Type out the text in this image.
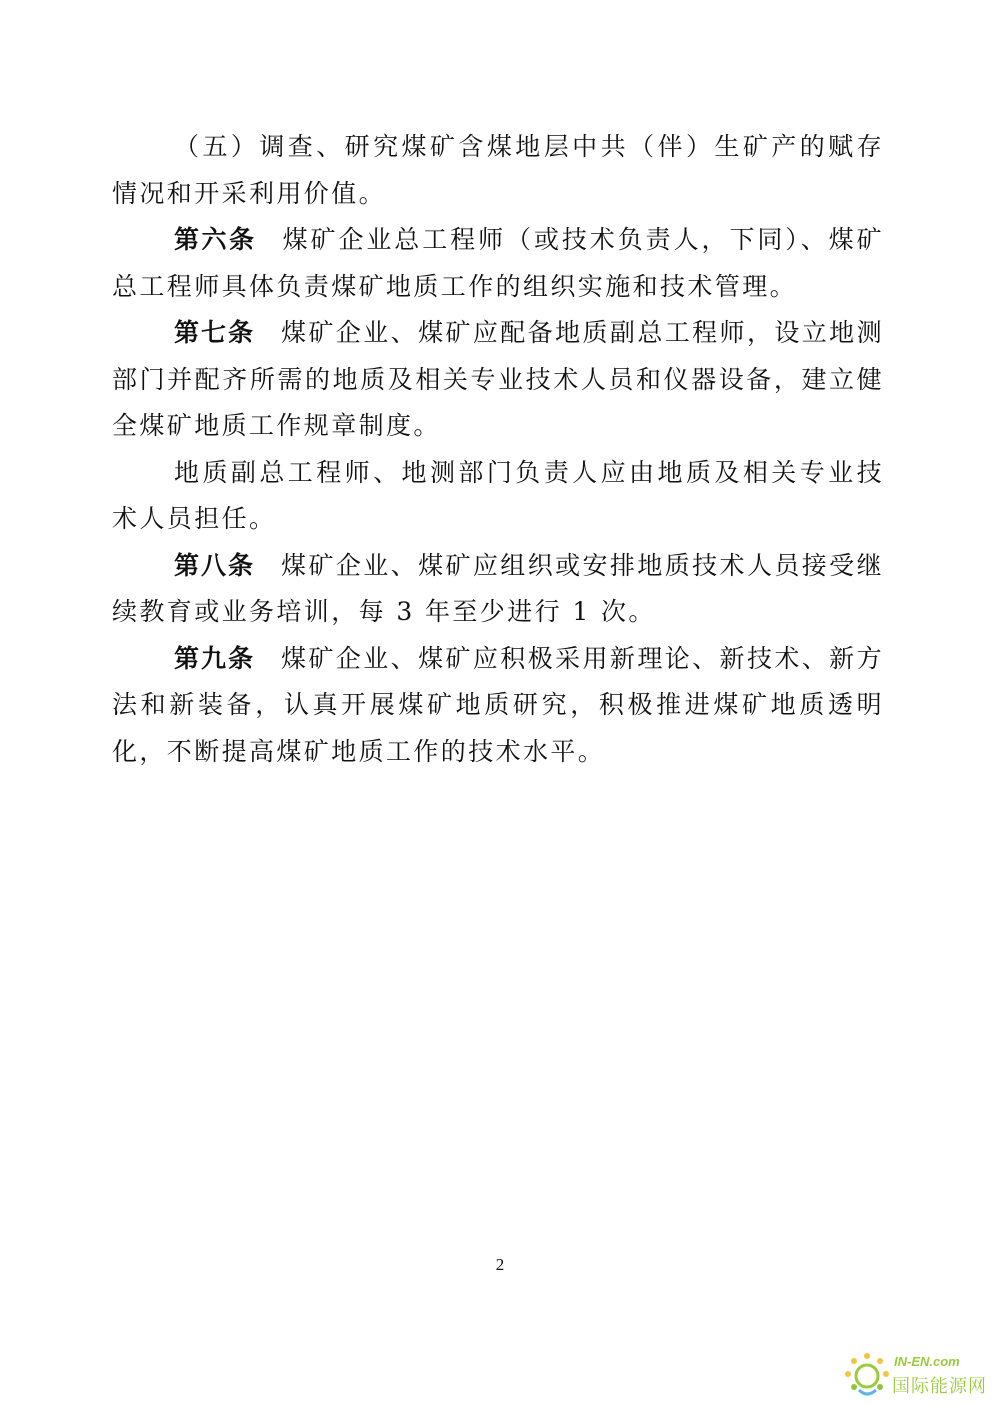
（五）调查、研究煤矿含煤地层中共（伴）生矿产的赋存情况和开采利用价值。

第六条 煤矿企业总工程师（或技术负责人，下同）、煤矿总工程师具体负责煤矿地质工作的组织实施和技术管理。

第七条 煤矿企业、煤矿应配备地质副总工程师，设立地测部门并配齐所需的地质及相关专业技术人员和仪器设备，建立健全煤矿地质工作规章制度。

地质副总工程师、地测部门负责人应由地质及相关专业技术人员担任。

第八条 煤矿企业、煤矿应组织或安排地质技术人员接受继续教育或业务培训，每 3 年至少进行 1 次。

第九条 煤矿企业、煤矿应积极采用新理论、新技术、新方法和新装备，认真开展煤矿地质研究，积极推进煤矿地质透明化，不断提高煤矿地质工作的技术水平。

2
IN-EN.com
国际能源网
